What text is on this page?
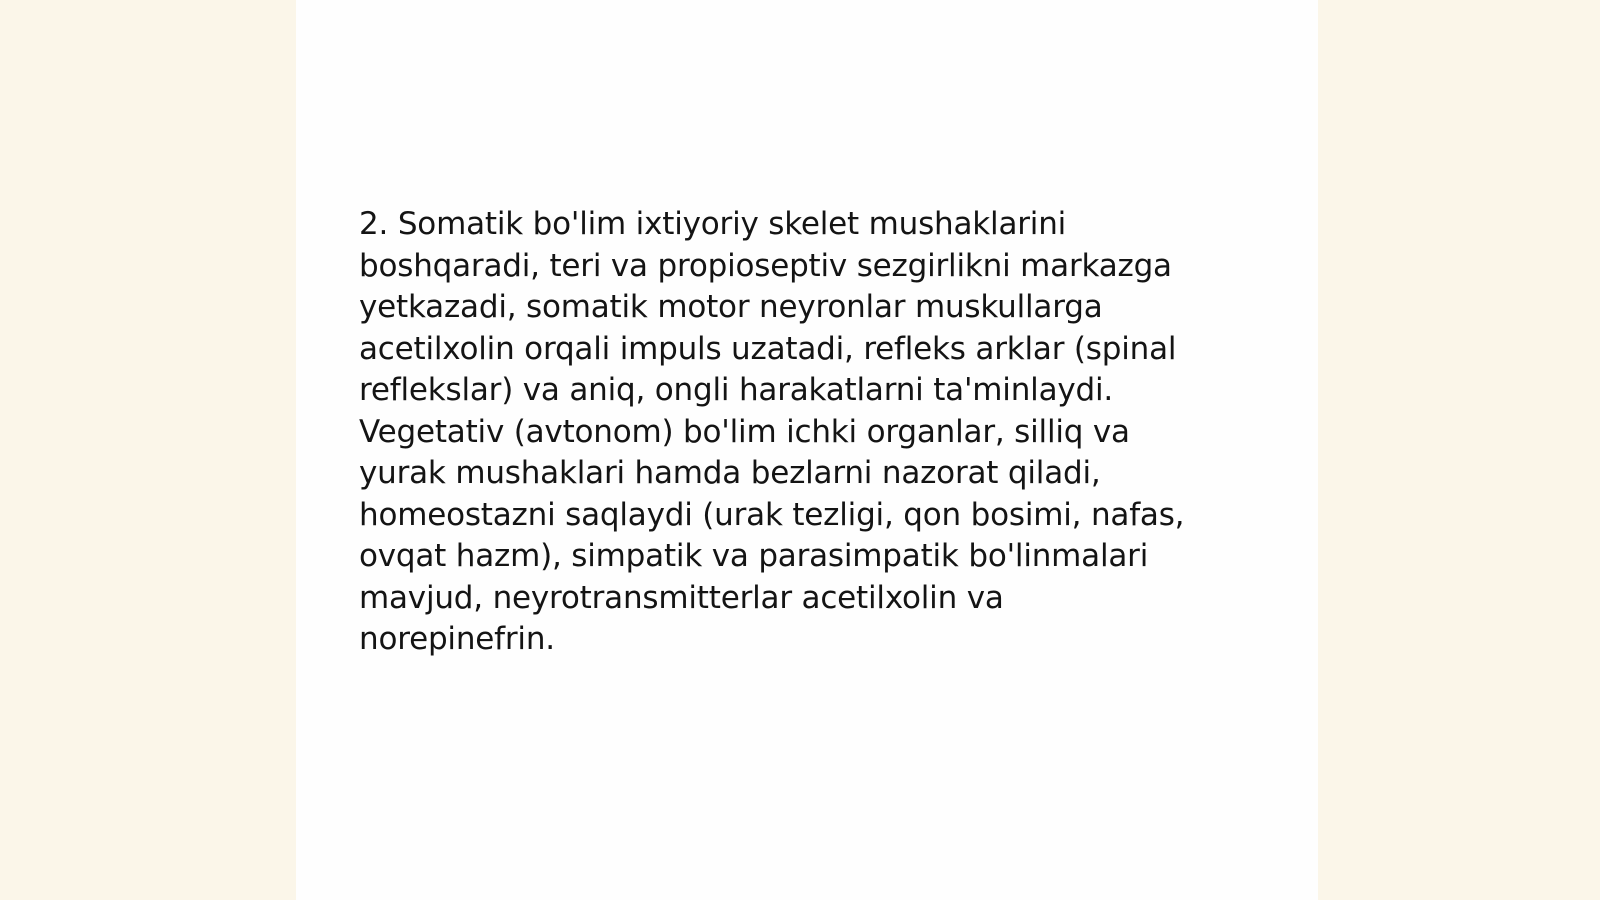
2. Somatik bo'lim ixtiyoriy skelet mushaklarini
boshqaradi, teri va propioseptiv sezgirlikni markazga
yetkazadi, somatik motor neyronlar muskullarga
acetilxolin orqali impuls uzatadi, refleks arklar (spinal
reflekslar) va aniq, ongli harakatlarni ta'minlaydi.
Vegetativ (avtonom) bo'lim ichki organlar, silliq va
yurak mushaklari hamda bezlarni nazorat qiladi,
homeostazni saqlaydi (urak tezligi, qon bosimi, nafas,
ovqat hazm), simpatik va parasimpatik bo'linmalari
mavjud, neyrotransmitterlar acetilxolin va
norepinefrin.
